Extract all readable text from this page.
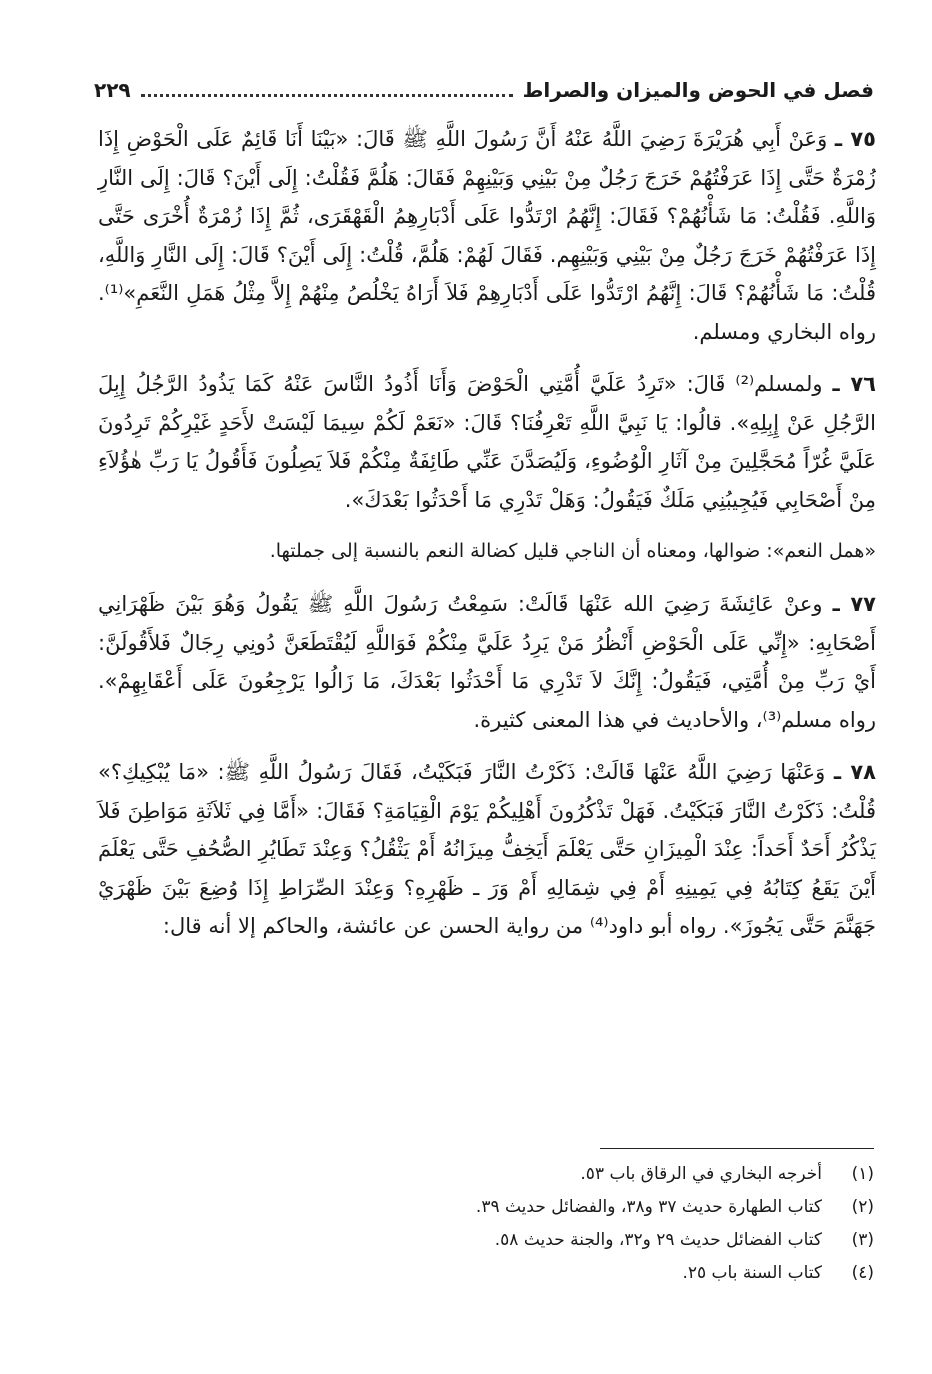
فصل في الحوض والميزان والصراط
٢٢٩

٧٥ ـ وَعَنْ أَبِي هُرَيْرَةَ رَضِيَ اللَّهُ عَنْهُ أَنَّ رَسُولَ اللَّهِ ﷺ قَالَ: «بَيْنَا أَنَا قَائِمٌ عَلَى الْحَوْضِ إِذَا زُمْرَةٌ حَتَّى إِذَا عَرَفْتُهُمْ خَرَجَ رَجُلٌ مِنْ بَيْنِي وَبَيْنِهِمْ فَقَالَ: هَلُمَّ فَقُلْتُ: إِلَى أَيْنَ؟ قَالَ: إِلَى النَّارِ وَاللَّهِ. فَقُلْتُ: مَا شَأْنُهُمْ؟ فَقَالَ: إِنَّهُمُ ارْتَدُّوا عَلَى أَدْبَارِهِمُ الْقَهْقَرَى، ثُمَّ إِذَا زُمْرَةٌ أُخْرَى حَتَّى إِذَا عَرَفْتُهُمْ خَرَجَ رَجُلٌ مِنْ بَيْنِي وَبَيْنِهِم. فَقَالَ لَهُمْ: هَلُمَّ، قُلْتُ: إِلَى أَيْنَ؟ قَالَ: إِلَى النَّارِ وَاللَّهِ، قُلْتُ: مَا شَأْنُهُمْ؟ قَالَ: إِنَّهُمُ ارْتَدُّوا عَلَى أَدْبَارِهِمْ فَلاَ أَرَاهُ يَخْلُصُ مِنْهُمْ إِلاَّ مِثْلُ هَمَلِ النَّعَمِ»⁽¹⁾. رواه البخاري ومسلم.

٧٦ ـ ولمسلم⁽²⁾ قَالَ: «تَرِدُ عَلَيَّ أُمَّتِي الْحَوْضَ وَأَنَا أَذُودُ النَّاسَ عَنْهُ كَمَا يَذُودُ الرَّجُلُ إِبِلَ الرَّجُلِ عَنْ إِبِلِهِ». قالُوا: يَا نَبِيَّ اللَّهِ تَعْرِفُنَا؟ قَالَ: «نَعَمْ لَكُمْ سِيمَا لَيْسَتْ لأَحَدٍ غَيْرِكُمْ تَرِدُونَ عَلَيَّ غُرّاً مُحَجَّلِينَ مِنْ آثَارِ الْوُضُوءِ، وَلَيُصَدَّنَ عَنِّي طَائِفَةٌ مِنْكُمْ فَلاَ يَصِلُونَ فَأَقُولُ يَا رَبِّ هٰؤُلاَءِ مِنْ أَصْحَابِي فَيُجِيبُنِي مَلَكٌ فَيَقُولُ: وَهَلْ تَدْرِي مَا أَحْدَثُوا بَعْدَكَ».

«همل النعم»: ضوالها، ومعناه أن الناجي قليل كضالة النعم بالنسبة إلى جملتها.

٧٧ ـ وعنْ عَائِشَةَ رَضِيَ الله عَنْهَا قَالَتْ: سَمِعْتُ رَسُولَ اللَّهِ ﷺ يَقُولُ وَهُوَ بَيْنَ ظَهْرَانِي أَصْحَابِهِ: «إِنِّي عَلَى الْحَوْضِ أَنْظُرُ مَنْ يَرِدُ عَلَيَّ مِنْكُمْ فَوَاللَّهِ لَيُقْتَطَعَنَّ دُونِي رِجَالٌ فَلأَقُولَنَّ: أَيْ رَبِّ مِنْ أُمَّتِي، فَيَقُولُ: إِنَّكَ لاَ تَدْرِي مَا أَحْدَثُوا بَعْدَكَ، مَا زَالُوا يَرْجِعُونَ عَلَى أَعْقَابِهِمْ». رواه مسلم⁽³⁾، والأحاديث في هذا المعنى كثيرة.

٧٨ ـ وَعَنْهَا رَضِيَ اللَّهُ عَنْهَا قَالَتْ: ذَكَرْتُ النَّارَ فَبَكَيْتُ، فَقَالَ رَسُولُ اللَّهِ ﷺ: «مَا يُبْكِيكِ؟» قُلْتُ: ذَكَرْتُ النَّارَ فَبَكَيْتُ. فَهَلْ تَذْكُرُونَ أَهْلِيكُمْ يَوْمَ الْقِيَامَةِ؟ فَقَالَ: «أَمَّا فِي ثَلاَثَةِ مَوَاطِنَ فَلاَ يَذْكُرُ أَحَدٌ أَحَداً: عِنْدَ الْمِيزَانِ حَتَّى يَعْلَمَ أَيَخِفُّ مِيزَانُهُ أَمْ يَثْقُلُ؟ وَعِنْدَ تَطَايُرِ الصُّحُفِ حَتَّى يَعْلَمَ أَيْنَ يَقَعُ كِتَابُهُ فِي يَمِينِهِ أَمْ فِي شِمَالِهِ أَمْ وَرَ ـ ظَهْرِهِ؟ وَعِنْدَ الصِّرَاطِ إِذَا وُضِعَ بَيْنَ ظَهْرَيْ جَهَنَّمَ حَتَّى يَجُوزَ». رواه أبو داود⁽⁴⁾ من رواية الحسن عن عائشة، والحاكم إلا أنه قال:

(١)
أخرجه البخاري في الرقاق باب ٥٣.
(٢)
كتاب الطهارة حديث ٣٧ و٣٨، والفضائل حديث ٣٩.
(٣)
كتاب الفضائل حديث ٢٩ و٣٢، والجنة حديث ٥٨.
(٤)
كتاب السنة باب ٢٥.
